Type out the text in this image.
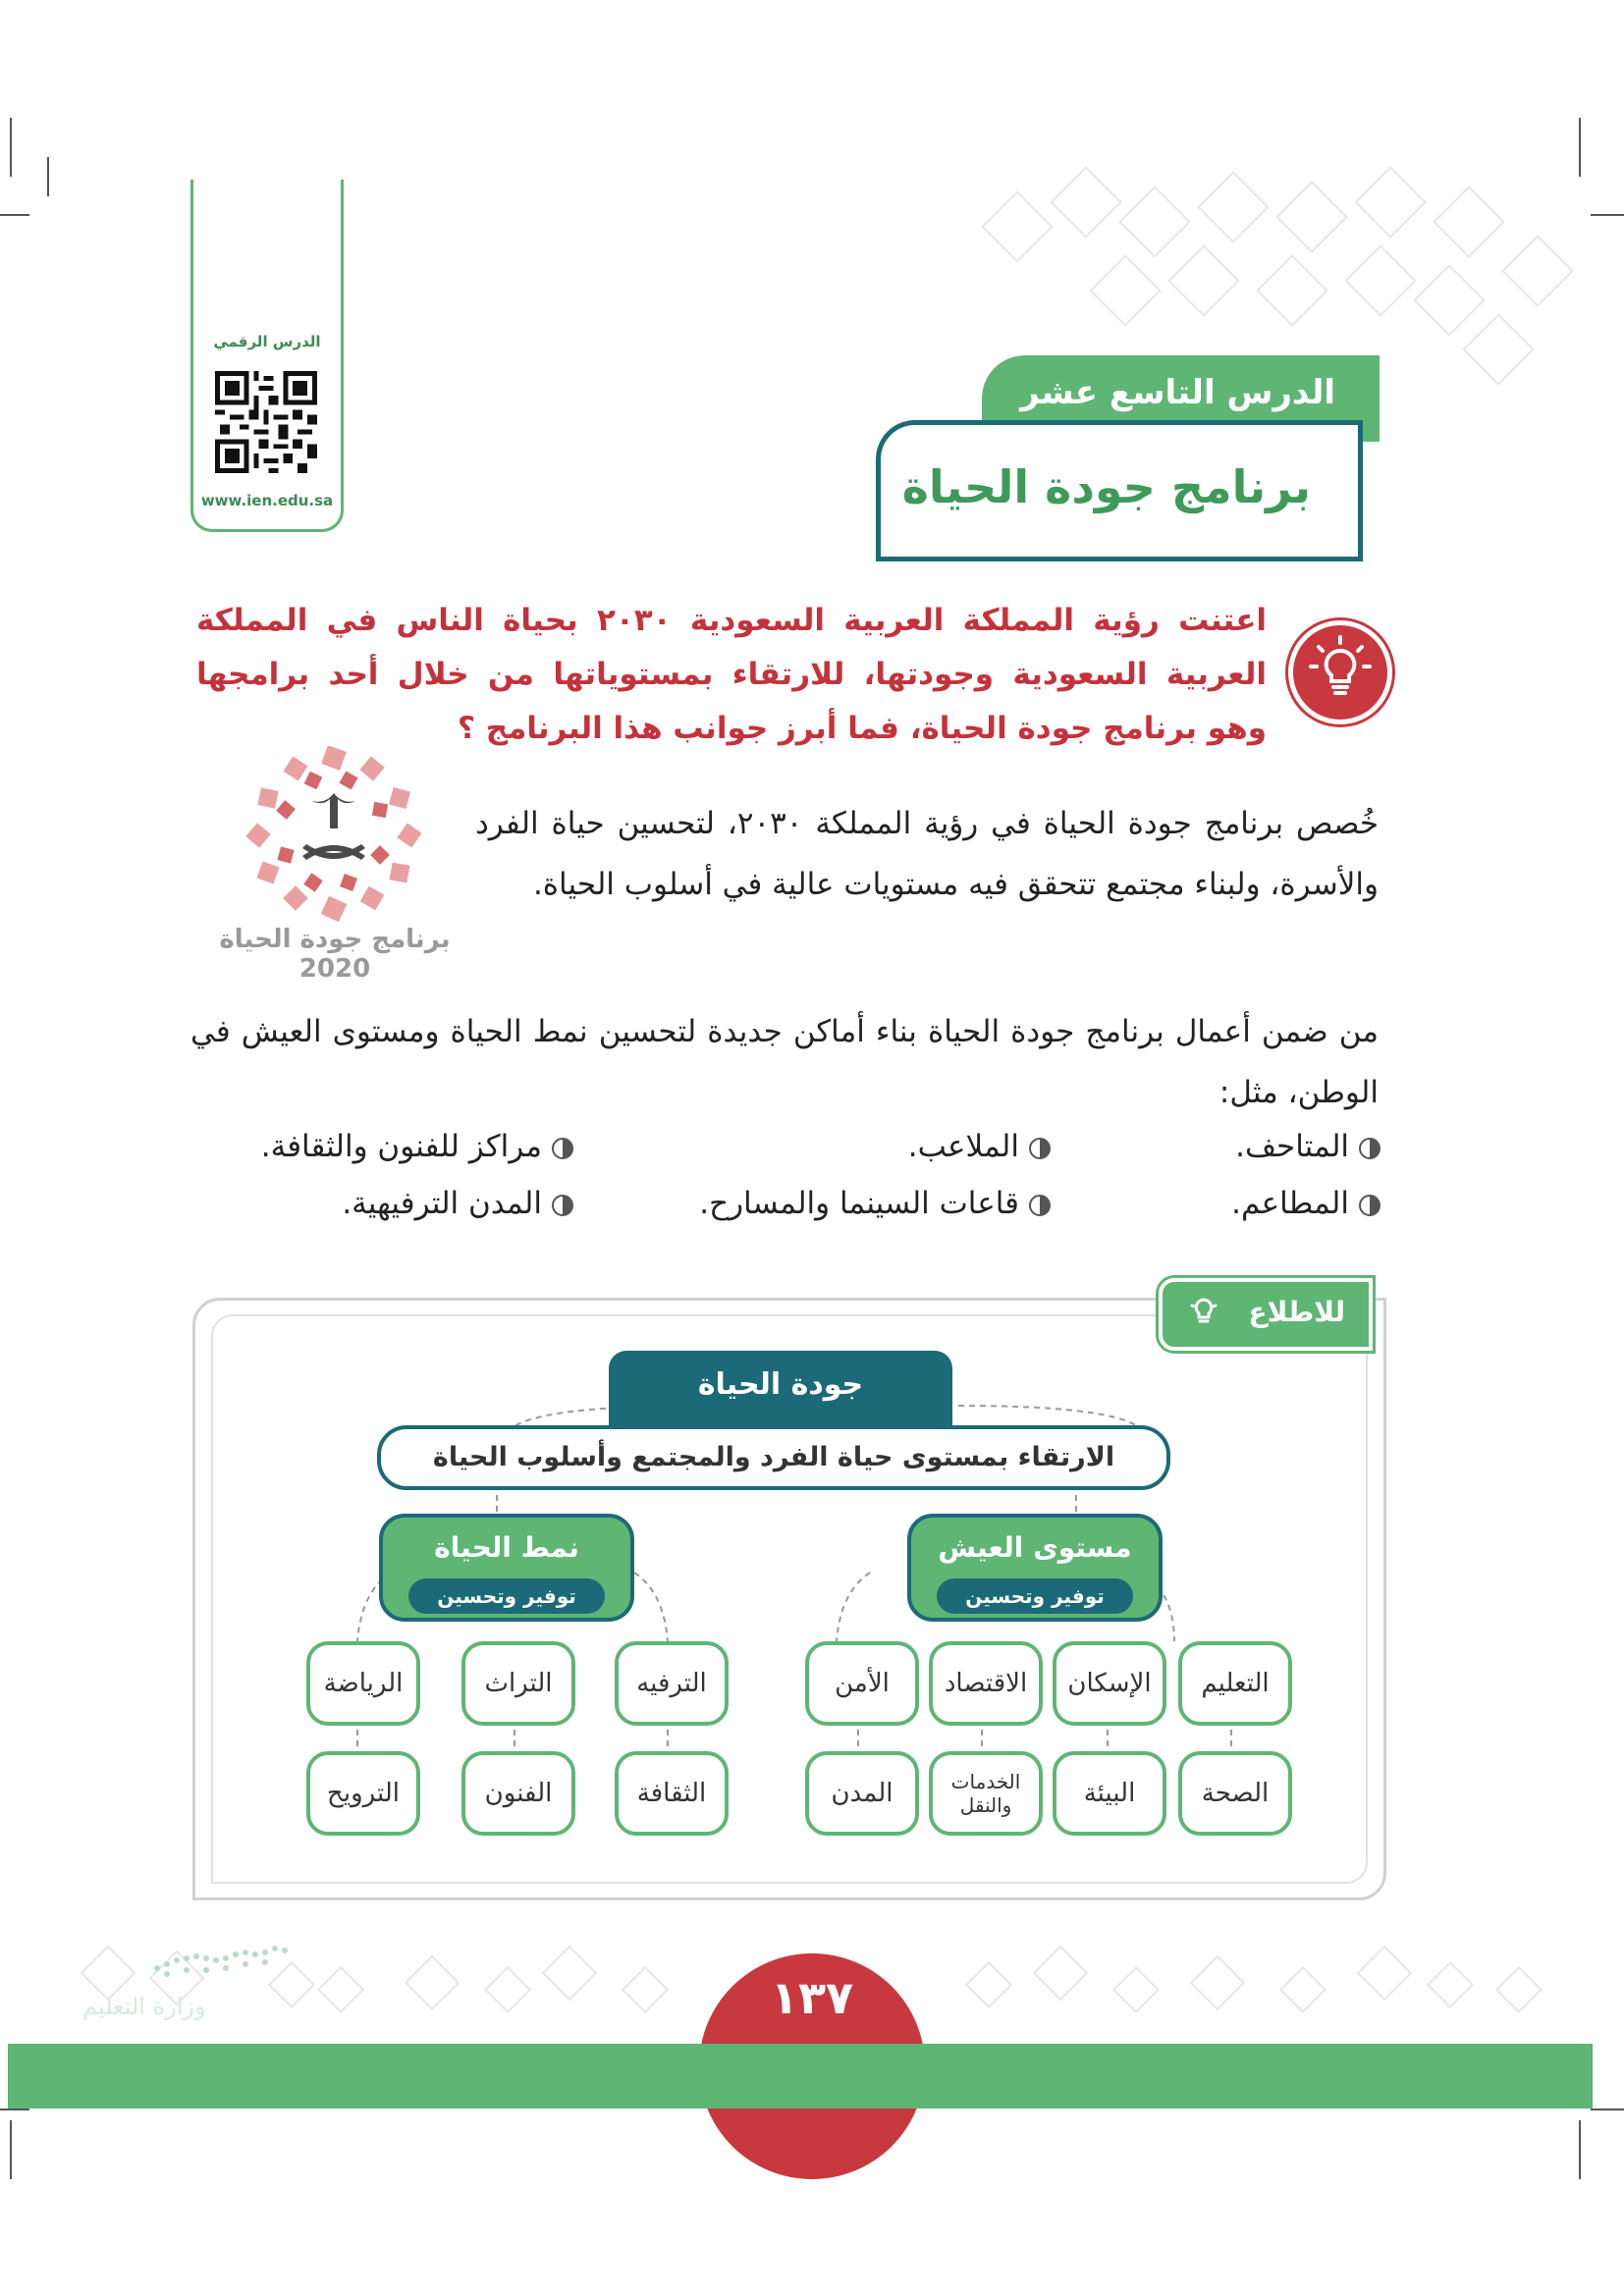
الدرس الرقمي
www.ien.edu.sa
الدرس التاسع عشر
برنامج جودة الحياة
اعتنت رؤية المملكة العربية السعودية ٢٠٣٠ بحياة الناس في المملكة العربية السعودية وجودتها، للارتقاء بمستوياتها من خلال أحد برامجها وهو برنامج جودة الحياة، فما أبرز جوانب هذا البرنامج ؟
برنامج جودة الحياة 2020
خُصص برنامج جودة الحياة في رؤية المملكة ٢٠٣٠، لتحسين حياة الفرد والأسرة، ولبناء مجتمع تتحقق فيه مستويات عالية في أسلوب الحياة.
من ضمن أعمال برنامج جودة الحياة بناء أماكن جديدة لتحسين نمط الحياة ومستوى العيش في الوطن، مثل:
المتاحف.
الملاعب.
مراكز للفنون والثقافة.
المطاعم.
قاعات السينما والمسارح.
المدن الترفيهية.
للاطلاع
جودة الحياة
الارتقاء بمستوى حياة الفرد والمجتمع وأسلوب الحياة
مستوى العيش
توفير وتحسين
نمط الحياة
توفير وتحسين
التعليم
الإسكان
الاقتصاد
الأمن
الصحة
البيئة
الخدمات والنقل
المدن
الترفيه
التراث
الرياضة
الثقافة
الفنون
الترويح
١٣٧
وزارة التعليم
